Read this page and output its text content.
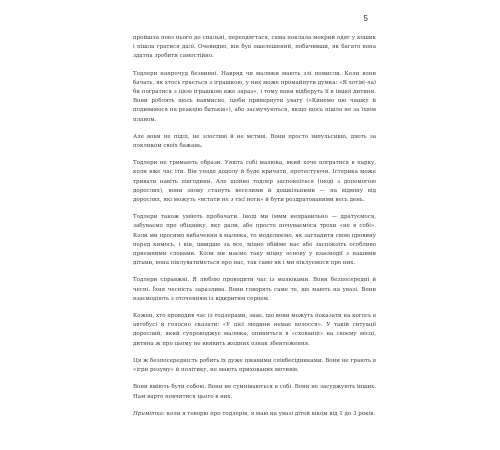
5

пройшла повз нього до спальні, переодягтася, сама поклала мокрий одяг у кошик і пішла гратися далі. Очевидно, він був ошелешений, побачивши, як багато вона здатна зробити самостійно.

Тодлери напрочуд безвинні. Навряд чи малюки мають злі помисли. Коли вони бачать, як хтось грається з іграшкою, у них може промайнути думка: «Я хотів(-ла) би погратися з цією іграшкою вже зараз», і тому вони відберуть її в іншої дитини. Вони роблять щось навмисно, щоби привернути увагу («Кинемо цю чашку й подивимося на реакцію батьків»), або засмучуються, якщо щось пішло не за їхнім планом.

Але вони не підлі, не злостиві й не мстиві. Вони просто імпульсивні, діють за покликом своїх бажань.

Тодлери не тримають образи. Уявіть собі малюка, який хоче погратися в парку, коли вже час іти. Він упаде додолу й буде кричати, протестуючи. Істерика може тривати навіть півгодини. Але щойно тодлер заспокоїться (іноді з допомогою дорослих), вони знову стануть веселими й дошкільними — на відміну від дорослих, які можуть «встати не з тієї ноги» й бути роздратованими весь день.

Тодлери також уміють пробачати. Іноді ми (ммм неправильно — дратуємося, забуваємо про обіцянку, яку дали, або просто почуваємося трохи «не в собі». Коли ми просимо вибачення в малюка, то моделюємо, як загладити свою провину перед кимось, і він, швидше за все, міцно обійме нас або заспокоїть особливо приємними словами. Коли ми маємо таку міцну основу у взаємодії з нашими дітьми, вона піклуватиметься про нас, так само як і ми піклуємося про них.

Тодлери справжні. Я люблю проводити час із малюками. Вони безпосередні й чесні. Їхня чесність заразлива. Вони говорять саме те, що мають на увазі. Вони взаємодіють з оточенням із відкритим серцем.

Кожен, хто проводив час із тодлерами, знає, що вони можуть показати на когось в автобусі й голосно сказати: «У цієї людини немає волосся». У такій ситуації дорослий, який супроводжує малюка, опиниться в «схованці» на своєму місці, дитина ж про цьому не виявить жодних ознак збентеження.

Ця ж безпосередність робить їх дуже цікавими співбесідниками. Вони не грають в «ігри розуму» й політику, не мають прихованих мотивів.

Вони вміють бути собою. Вони не сумніваються в собі. Вони не засуджують інших. Нам варто повчитися цього в них.

Примітка: коли я говорю про тодлерів, я маю на увазі дітей віком від 1 до 3 років.
